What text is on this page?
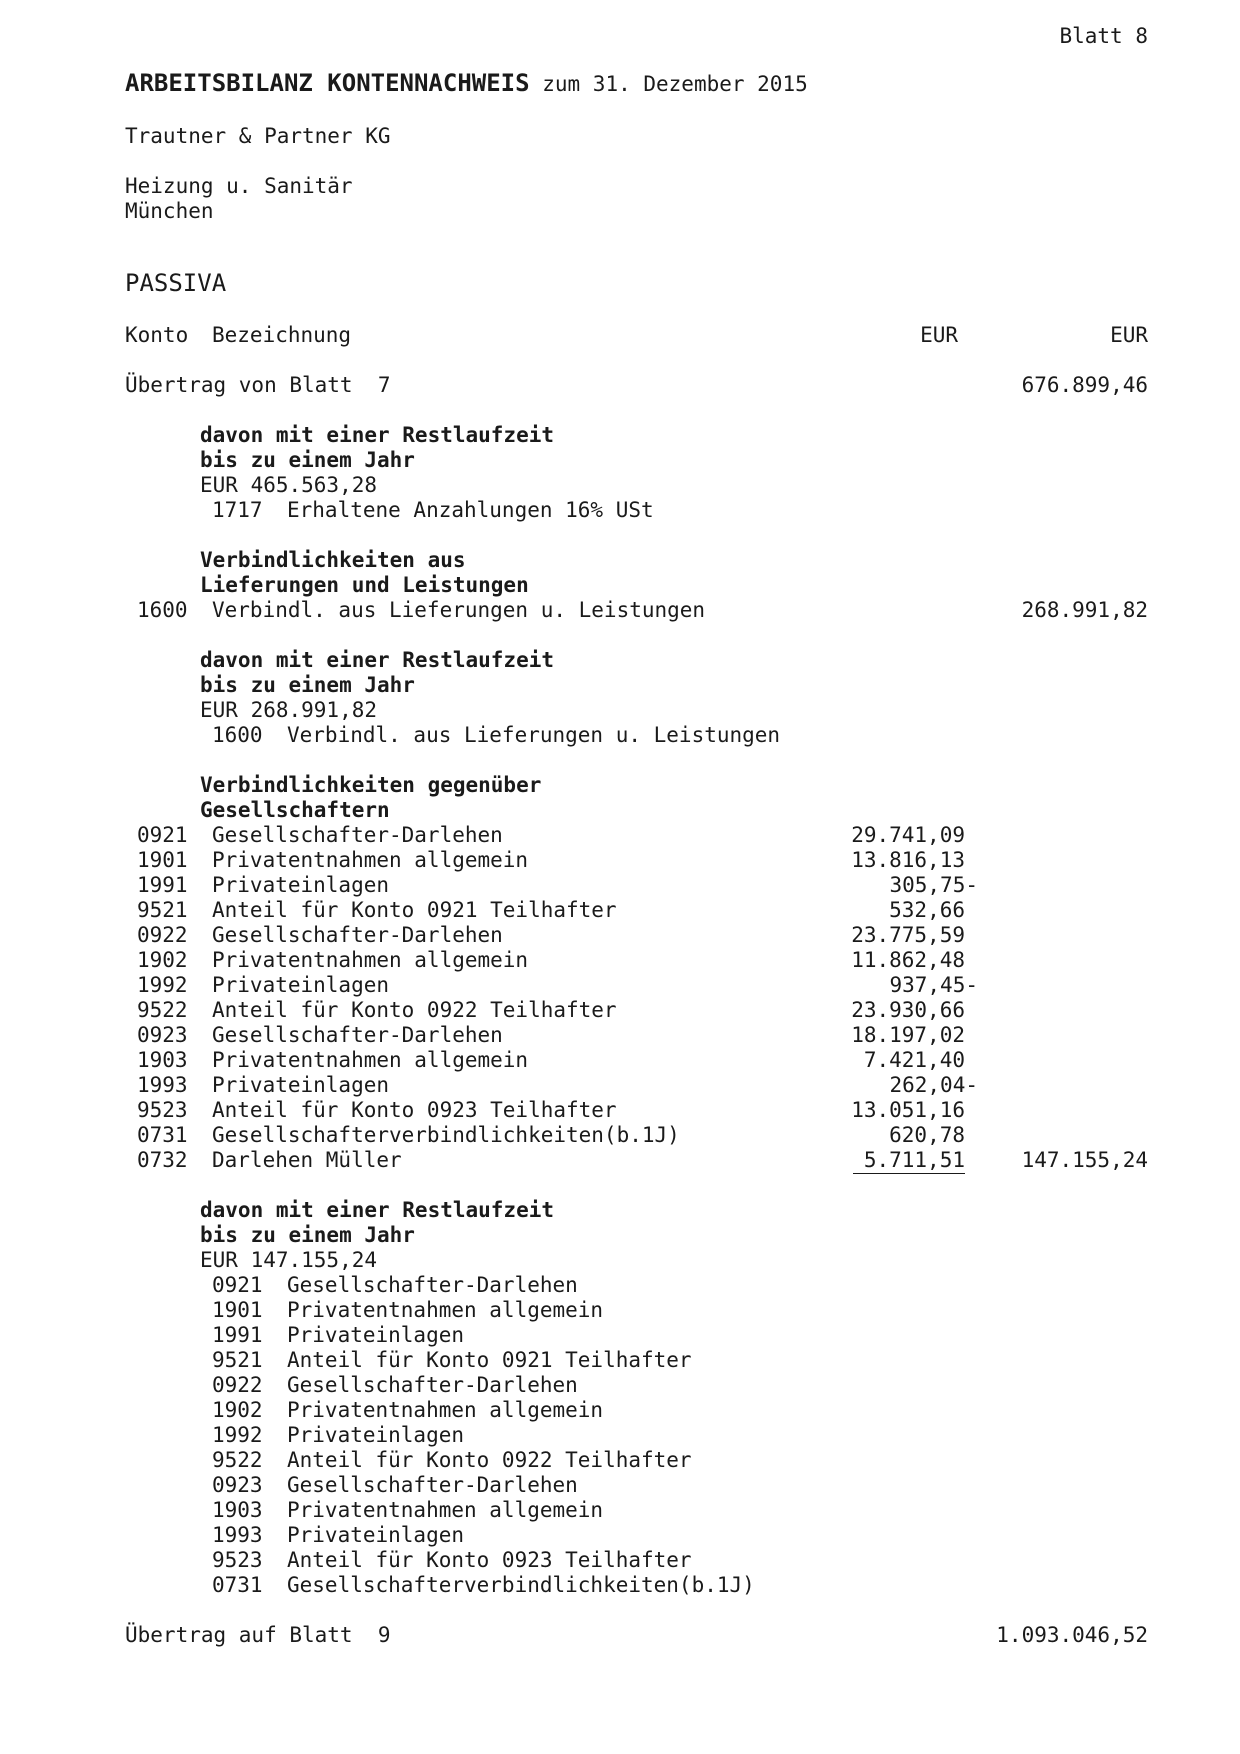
Blatt 8
ARBEITSBILANZ KONTENNACHWEIS zum 31. Dezember 2015
Trautner & Partner KG
Heizung u. Sanitär
München
PASSIVA
Konto Bezeichnung	EUR	EUR
Übertrag von Blatt  7	676.899,46
davon mit einer Restlaufzeit
bis zu einem Jahr
EUR 465.563,28
1717 Erhaltene Anzahlungen 16% USt
Verbindlichkeiten aus
Lieferungen und Leistungen
1600 Verbindl. aus Lieferungen u. Leistungen	268.991,82
davon mit einer Restlaufzeit
bis zu einem Jahr
EUR 268.991,82
1600 Verbindl. aus Lieferungen u. Leistungen
Verbindlichkeiten gegenüber
Gesellschaftern
0921 Gesellschafter-Darlehen	29.741,09
1901 Privatentnahmen allgemein	13.816,13
1991 Privateinlagen	305,75-
9521 Anteil für Konto 0921 Teilhafter	532,66
0922 Gesellschafter-Darlehen	23.775,59
1902 Privatentnahmen allgemein	11.862,48
1992 Privateinlagen	937,45-
9522 Anteil für Konto 0922 Teilhafter	23.930,66
0923 Gesellschafter-Darlehen	18.197,02
1903 Privatentnahmen allgemein	7.421,40
1993 Privateinlagen	262,04-
9523 Anteil für Konto 0923 Teilhafter	13.051,16
0731 Gesellschafterverbindlichkeiten(b.1J)	620,78
0732 Darlehen Müller	5.711,51	147.155,24
davon mit einer Restlaufzeit
bis zu einem Jahr
EUR 147.155,24
0921 Gesellschafter-Darlehen
1901 Privatentnahmen allgemein
1991 Privateinlagen
9521 Anteil für Konto 0921 Teilhafter
0922 Gesellschafter-Darlehen
1902 Privatentnahmen allgemein
1992 Privateinlagen
9522 Anteil für Konto 0922 Teilhafter
0923 Gesellschafter-Darlehen
1903 Privatentnahmen allgemein
1993 Privateinlagen
9523 Anteil für Konto 0923 Teilhafter
0731 Gesellschafterverbindlichkeiten(b.1J)
Übertrag auf Blatt  9	1.093.046,52
